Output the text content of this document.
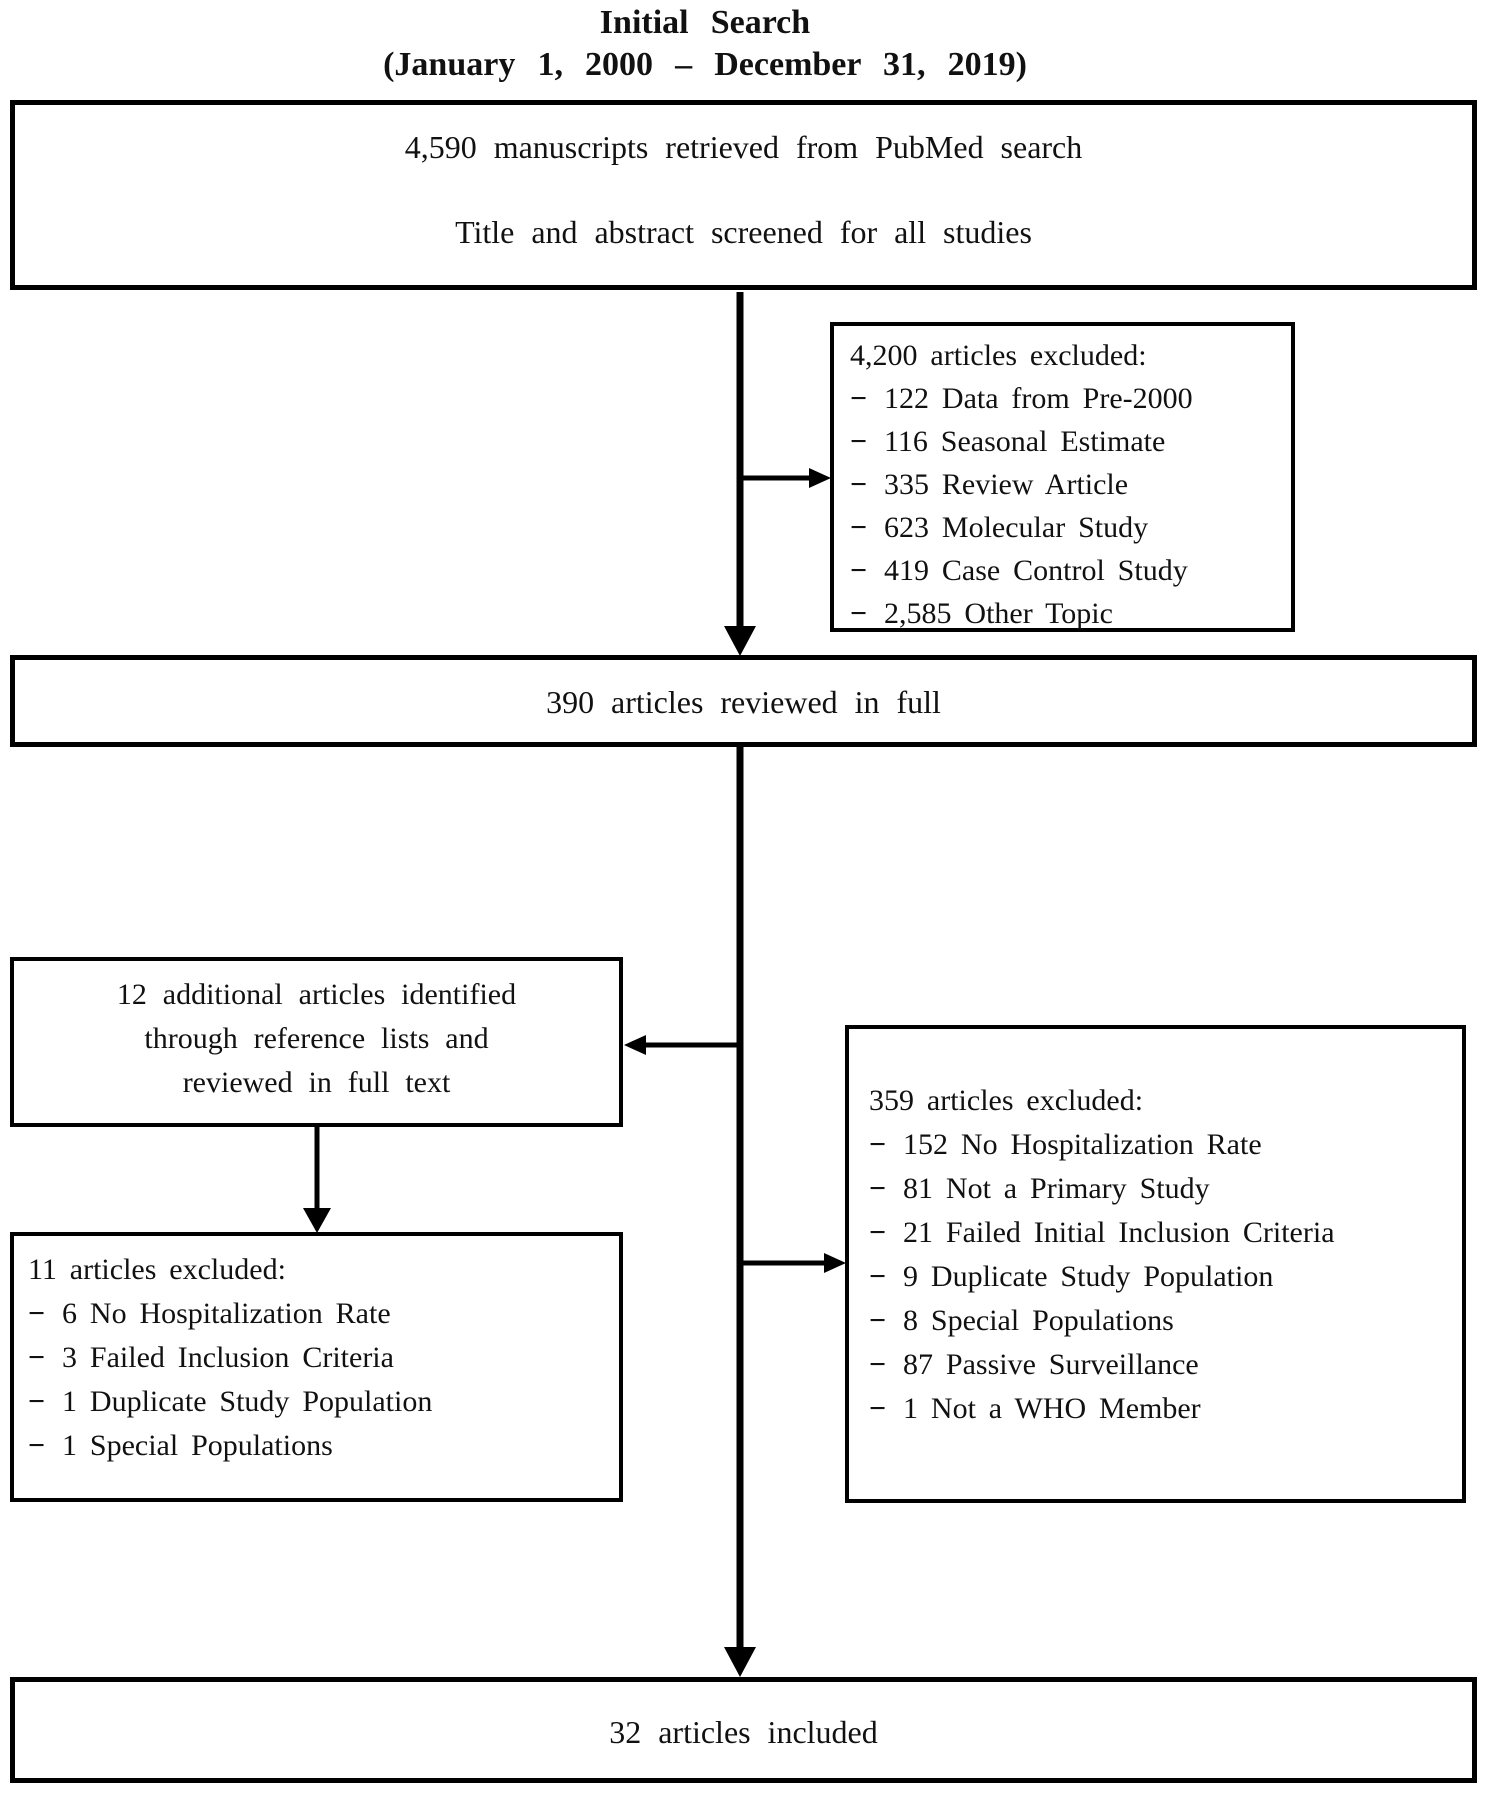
Initial Search
(January 1, 2000 – December 31, 2019)
4,590 manuscripts retrieved from PubMed search
Title and abstract screened for all studies
4,200 articles excluded:
− 122 Data from Pre-2000
− 116 Seasonal Estimate
− 335 Review Article
− 623 Molecular Study
− 419 Case Control Study
− 2,585 Other Topic
390 articles reviewed in full
12 additional articles identified
through reference lists and
reviewed in full text
11 articles excluded:
− 6 No Hospitalization Rate
− 3 Failed Inclusion Criteria
− 1 Duplicate Study Population
− 1 Special Populations
359 articles excluded:
− 152 No Hospitalization Rate
− 81 Not a Primary Study
− 21 Failed Initial Inclusion Criteria
− 9 Duplicate Study Population
− 8 Special Populations
− 87 Passive Surveillance
− 1 Not a WHO Member
32 articles included
